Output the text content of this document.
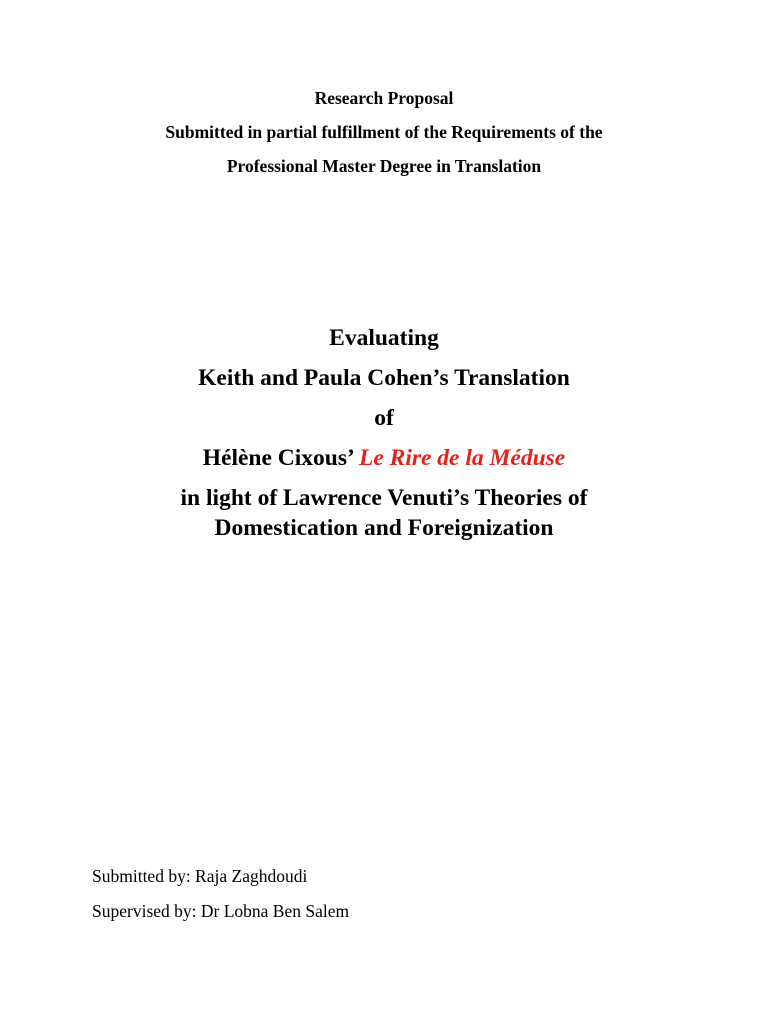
Research Proposal
Submitted in partial fulfillment of the Requirements of the
Professional Master Degree in Translation
Evaluating
Keith and Paula Cohen’s Translation
of
Hélène Cixous’ Le Rire de la Méduse
in light of Lawrence Venuti’s Theories of
Domestication and Foreignization
Submitted by: Raja Zaghdoudi
Supervised by: Dr Lobna Ben Salem
